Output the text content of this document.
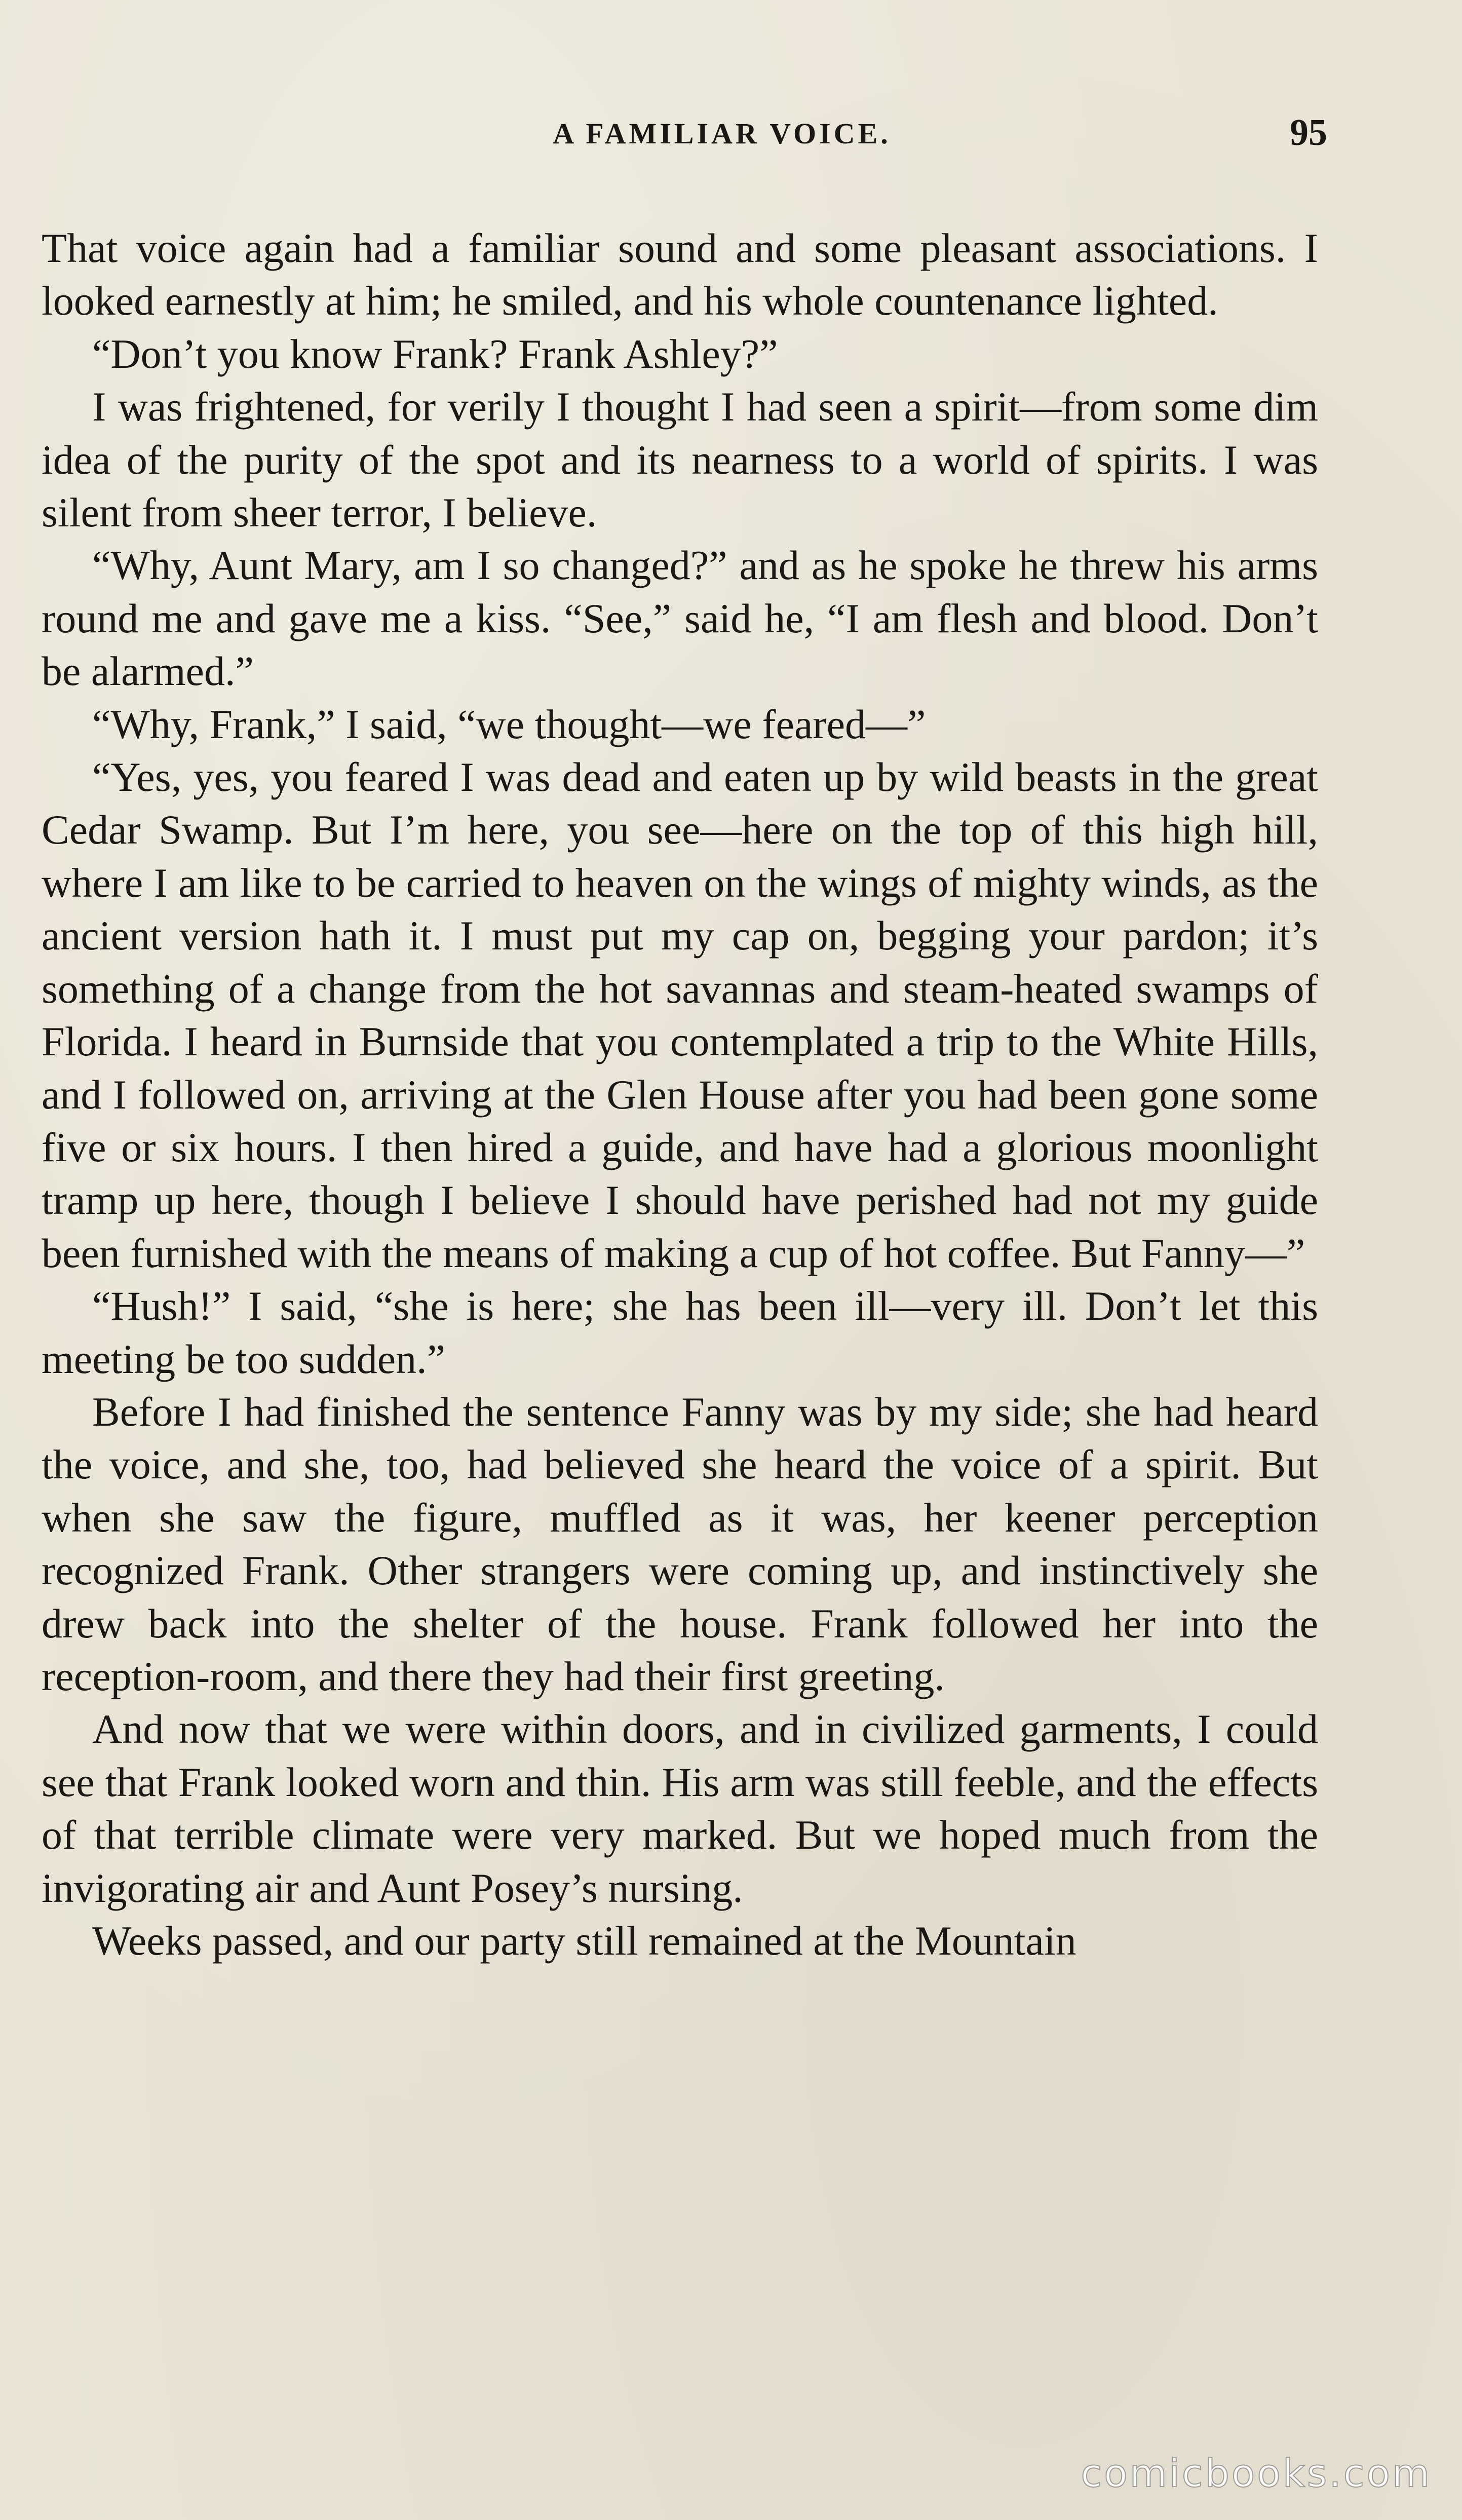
A FAMILIAR VOICE.	95

That voice again had a familiar sound and some pleasant associations. I looked earnestly at him; he smiled, and his whole countenance lighted.

“Don’t you know Frank? Frank Ashley?”

I was frightened, for verily I thought I had seen a spirit—from some dim idea of the purity of the spot and its nearness to a world of spirits. I was silent from sheer terror, I believe.

“Why, Aunt Mary, am I so changed?” and as he spoke he threw his arms round me and gave me a kiss. “See,” said he, “I am flesh and blood. Don’t be alarmed.”

“Why, Frank,” I said, “we thought—we feared—”

“Yes, yes, you feared I was dead and eaten up by wild beasts in the great Cedar Swamp. But I’m here, you see—here on the top of this high hill, where I am like to be carried to heaven on the wings of mighty winds, as the ancient version hath it. I must put my cap on, begging your pardon; it’s something of a change from the hot savannas and steam-heated swamps of Florida. I heard in Burnside that you contemplated a trip to the White Hills, and I followed on, arriving at the Glen House after you had been gone some five or six hours. I then hired a guide, and have had a glorious moonlight tramp up here, though I believe I should have perished had not my guide been furnished with the means of making a cup of hot coffee. But Fanny—”

“Hush!” I said, “she is here; she has been ill—very ill. Don’t let this meeting be too sudden.”

Before I had finished the sentence Fanny was by my side; she had heard the voice, and she, too, had believed she heard the voice of a spirit. But when she saw the figure, muffled as it was, her keener perception recognized Frank. Other strangers were coming up, and instinctively she drew back into the shelter of the house. Frank followed her into the reception-room, and there they had their first greeting.

And now that we were within doors, and in civilized garments, I could see that Frank looked worn and thin. His arm was still feeble, and the effects of that terrible climate were very marked. But we hoped much from the invigorating air and Aunt Posey’s nursing.

Weeks passed, and our party still remained at the Mountain

comicbooks.com
